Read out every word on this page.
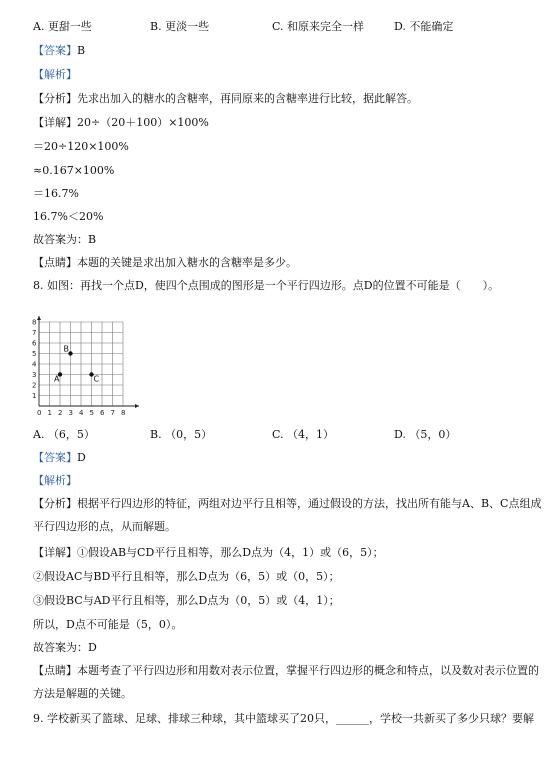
A. 更甜一些	B. 更淡一些	C. 和原来完全一样	D. 不能确定
【答案】B
【解析】
【分析】先求出加入的糖水的含糖率，再同原来的含糖率进行比较，据此解答。
【详解】20÷（20＋100）×100%
＝20÷120×100%
≈0.167×100%
＝16.7%
16.7%＜20%
故答案为：B
【点睛】本题的关键是求出加入糖水的含糖率是多少。
8. 如图：再找一个点D，使四个点围成的图形是一个平行四边形。点D的位置不可能是（　　）。
0 1 2 3 4 5 6 7 8
1
2
3
4
5
6
7
8
A
B
C
A. （6，5）	B. （0，5）	C. （4，1）	D. （5，0）
【答案】D
【解析】
【分析】根据平行四边形的特征，两组对边平行且相等，通过假设的方法，找出所有能与A、B、C点组成
平行四边形的点，从而解题。
【详解】①假设AB与CD平行且相等，那么D点为（4，1）或（6，5）；
②假设AC与BD平行且相等，那么D点为（6，5）或（0，5）；
③假设BC与AD平行且相等，那么D点为（0，5）或（4，1）；
所以，D点不可能是（5，0）。
故答案为：D
【点睛】本题考查了平行四边形和用数对表示位置，掌握平行四边形的概念和特点，以及数对表示位置的
方法是解题的关键。
9. 学校新买了篮球、足球、排球三种球，其中篮球买了20只，______，学校一共新买了多少只球？要解
